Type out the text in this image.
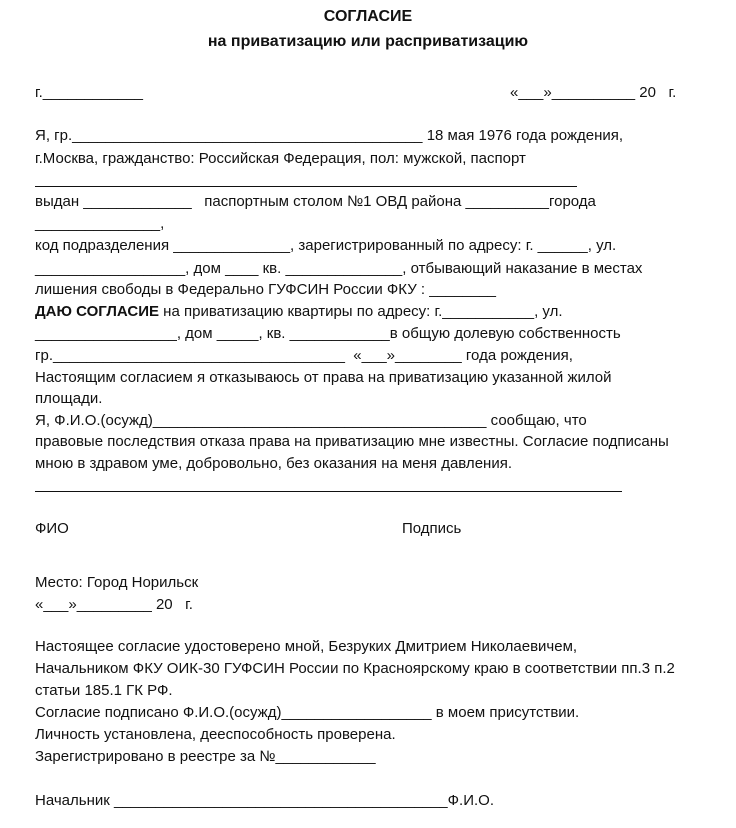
СОГЛАСИЕ
на приватизацию или расприватизацию
г.____________	«___»__________ 20   г.
Я, гр.__________________________________________ 18 мая 1976 года рождения,
г.Москва, гражданство: Российская Федерация, пол: мужской, паспорт
выдан _____________   паспортным столом №1 ОВД района __________города
_______________,
код подразделения ______________, зарегистрированный по адресу: г. ______, ул.
__________________, дом ____ кв. ______________, отбывающий наказание в местах
лишения свободы в Федерально ГУФСИН России ФКУ : ________
ДАЮ СОГЛАСИЕ на приватизацию квартиры по адресу: г.___________, ул.
_________________, дом _____, кв. ____________в общую долевую собственность
гр.___________________________________  «___»________ года рождения,
Настоящим согласием я отказываюсь от права на приватизацию указанной жилой
площади.
Я, Ф.И.О.(осужд)________________________________________ сообщаю, что
правовые последствия отказа права на приватизацию мне известны. Согласие подписаны
мною в здравом уме, добровольно, без оказания на меня давления.
ФИО	Подпись
Место: Город Норильск
«___»_________ 20   г.
Настоящее согласие удостоверено мной, Безруких Дмитрием Николаевичем,
Начальником ФКУ ОИК-30 ГУФСИН России по Красноярскому краю в соответствии пп.3 п.2
статьи 185.1 ГК РФ.
Согласие подписано Ф.И.О.(осужд)__________________ в моем присутствии.
Личность установлена, дееспособность проверена.
Зарегистрировано в реестре за №____________
Начальник ________________________________________Ф.И.О.
